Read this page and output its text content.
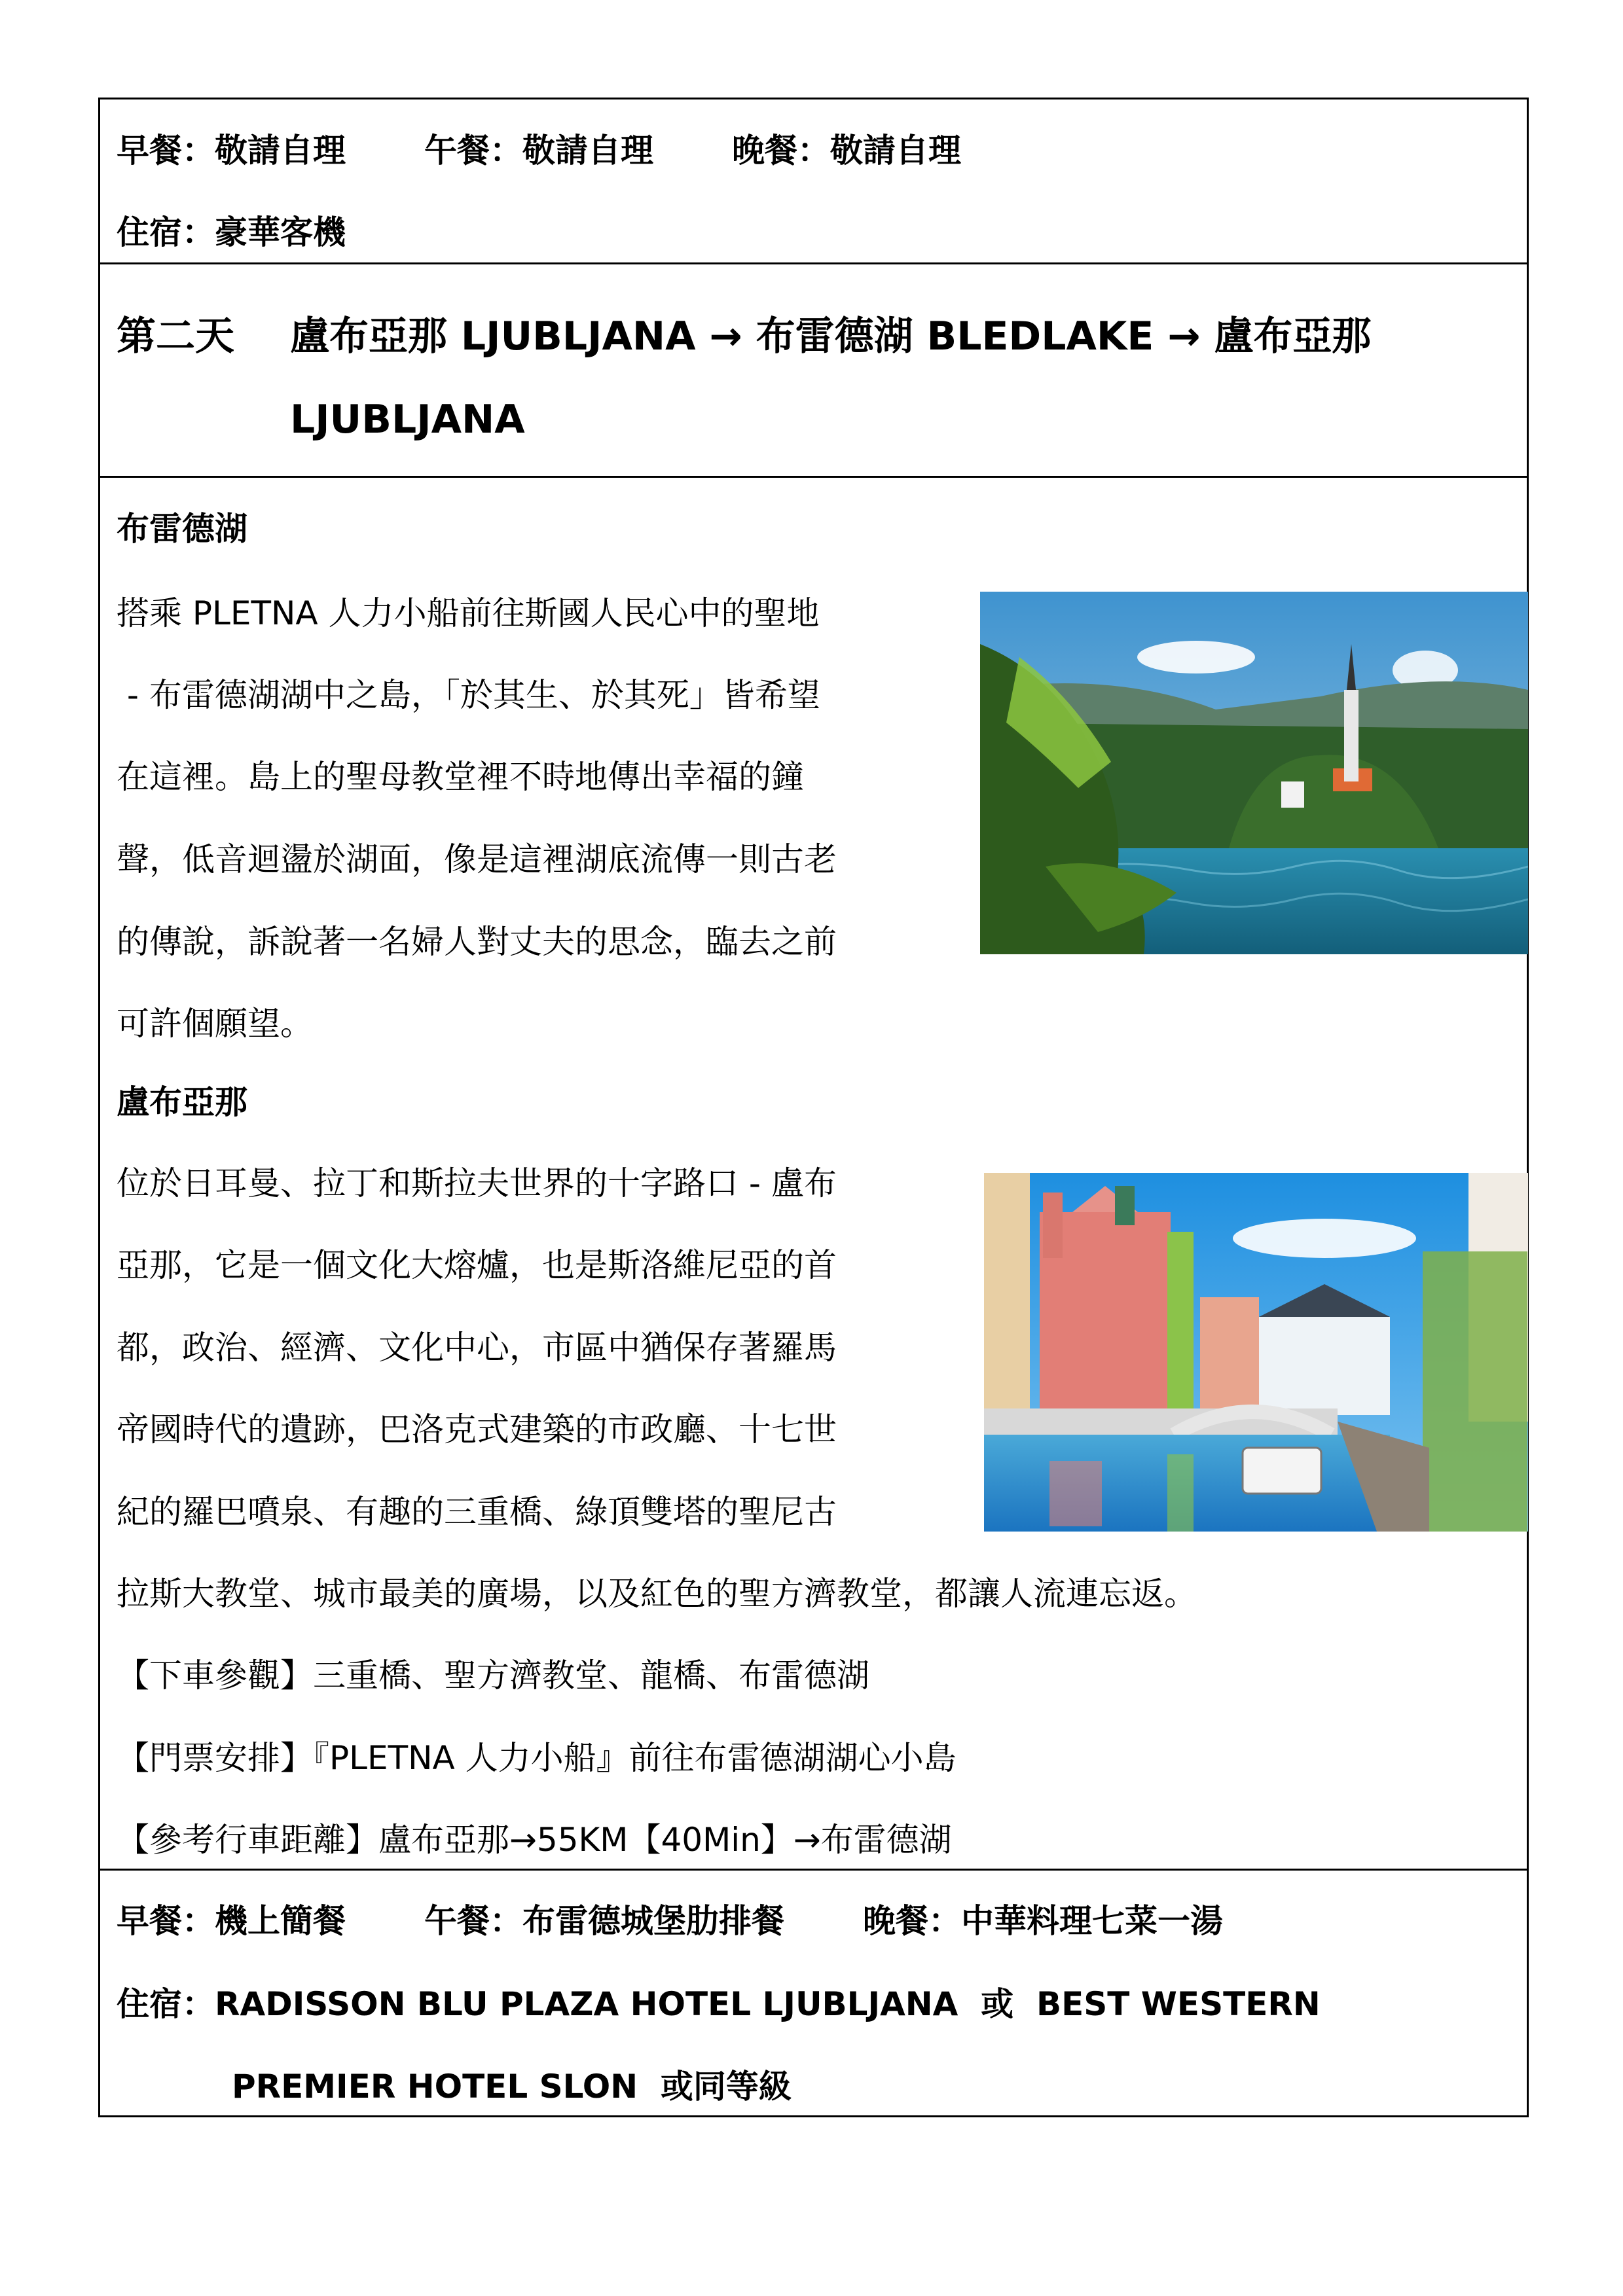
早餐：敬請自理 午餐：敬請自理 晚餐：敬請自理
住宿：豪華客機
第二天 盧布亞那 LJUBLJANA → 布雷德湖 BLEDLAKE → 盧布亞那
LJUBLJANA
布雷德湖
搭乘 PLETNA 人力小船前往斯國人民心中的聖地
- 布雷德湖湖中之島，「於其生、於其死」皆希望
在這裡。島上的聖母教堂裡不時地傳出幸福的鐘
聲，低音迴盪於湖面，像是這裡湖底流傳一則古老
的傳說，訴說著一名婦人對丈夫的思念，臨去之前
可許個願望。
盧布亞那
位於日耳曼、拉丁和斯拉夫世界的十字路口 - 盧布
亞那，它是一個文化大熔爐，也是斯洛維尼亞的首
都，政治、經濟、文化中心，市區中猶保存著羅馬
帝國時代的遺跡，巴洛克式建築的市政廳、十七世
紀的羅巴噴泉、有趣的三重橋、綠頂雙塔的聖尼古
拉斯大教堂、城市最美的廣場，以及紅色的聖方濟教堂，都讓人流連忘返。
【下車參觀】三重橋、聖方濟教堂、龍橋、布雷德湖
【門票安排】『PLETNA 人力小船』前往布雷德湖湖心小島
【參考行車距離】盧布亞那→55KM【40Min】→布雷德湖
早餐：機上簡餐 午餐：布雷德城堡肋排餐 晚餐：中華料理七菜一湯
住宿：RADISSON BLU PLAZA HOTEL LJUBLJANA  或  BEST WESTERN
PREMIER HOTEL SLON  或同等級
